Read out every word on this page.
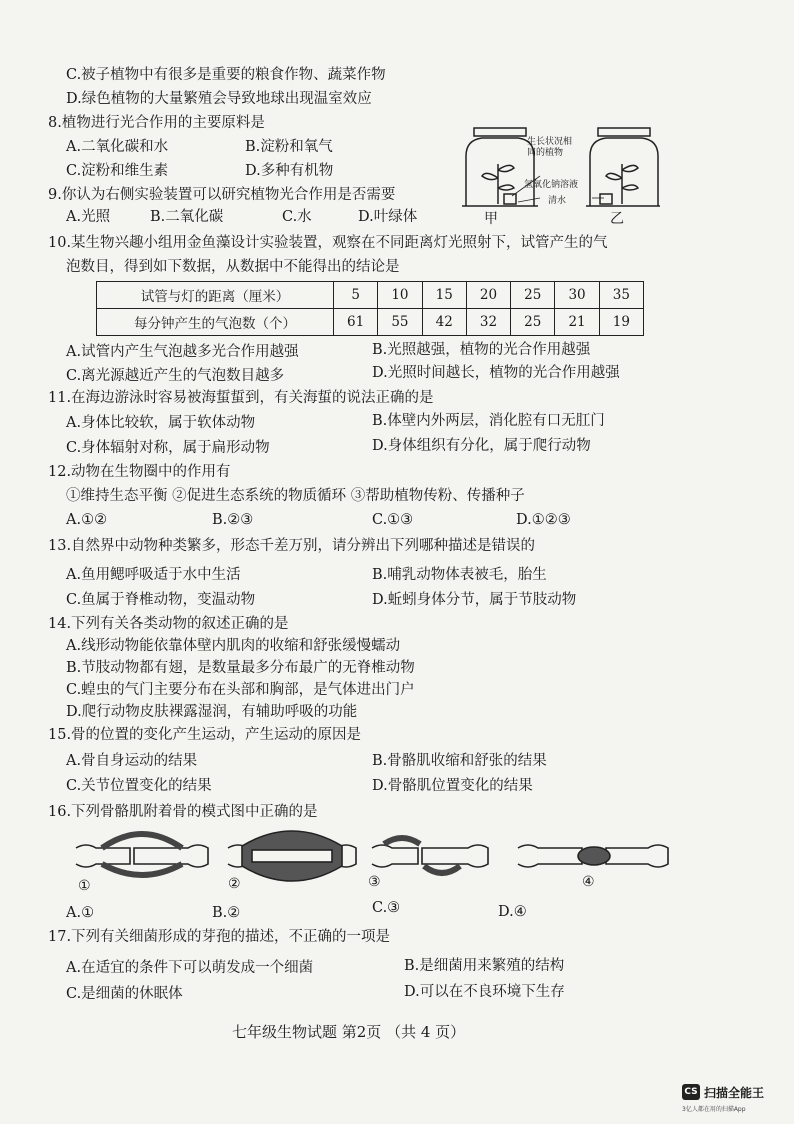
C.被子植物中有很多是重要的粮食作物、蔬菜作物
D.绿色植物的大量繁殖会导致地球出现温室效应
8.植物进行光合作用的主要原料是
A.二氧化碳和水	B.淀粉和氧气
C.淀粉和维生素	D.多种有机物
9.你认为右侧实验装置可以研究植物光合作用是否需要
A.光照	B.二氧化碳	C.水	D.叶绿体
生长状况相
同的植物
氢氧化钠溶液
清水
甲	乙
10.某生物兴趣小组用金鱼藻设计实验装置，观察在不同距离灯光照射下，试管产生的气
泡数目，得到如下数据，从数据中不能得出的结论是
试管与灯的距离（厘米）	5	10	15	20	25	30	35
每分钟产生的气泡数（个）	61	55	42	32	25	21	19
A.试管内产生气泡越多光合作用越强	B.光照越强，植物的光合作用越强
C.离光源越近产生的气泡数目越多	D.光照时间越长，植物的光合作用越强
11.在海边游泳时容易被海蜇蜇到，有关海蜇的说法正确的是
A.身体比较软，属于软体动物	B.体壁内外两层，消化腔有口无肛门
C.身体辐射对称，属于扁形动物	D.身体组织有分化，属于爬行动物
12.动物在生物圈中的作用有
①维持生态平衡 ②促进生态系统的物质循环 ③帮助植物传粉、传播种子
A.①②	B.②③	C.①③	D.①②③
13.自然界中动物种类繁多，形态千差万别，请分辨出下列哪种描述是错误的
A.鱼用鳃呼吸适于水中生活	B.哺乳动物体表被毛，胎生
C.鱼属于脊椎动物，变温动物	D.蚯蚓身体分节，属于节肢动物
14.下列有关各类动物的叙述正确的是
A.线形动物能依靠体壁内肌肉的收缩和舒张缓慢蠕动
B.节肢动物都有翅，是数量最多分布最广的无脊椎动物
C.蝗虫的气门主要分布在头部和胸部，是气体进出门户
D.爬行动物皮肤裸露湿润，有辅助呼吸的功能
15.骨的位置的变化产生运动，产生运动的原因是
A.骨自身运动的结果	B.骨骼肌收缩和舒张的结果
C.关节位置变化的结果	D.骨骼肌位置变化的结果
16.下列骨骼肌附着骨的模式图中正确的是
①	②	③	④
A.①	B.②	C.③	D.④
17.下列有关细菌形成的芽孢的描述，不正确的一项是
A.在适宜的条件下可以萌发成一个细菌	B.是细菌用来繁殖的结构
C.是细菌的休眠体	D.可以在不良环境下生存
七年级生物试题 第2页 （共 4 页）
CS 扫描全能王
3亿人都在用的扫描App
